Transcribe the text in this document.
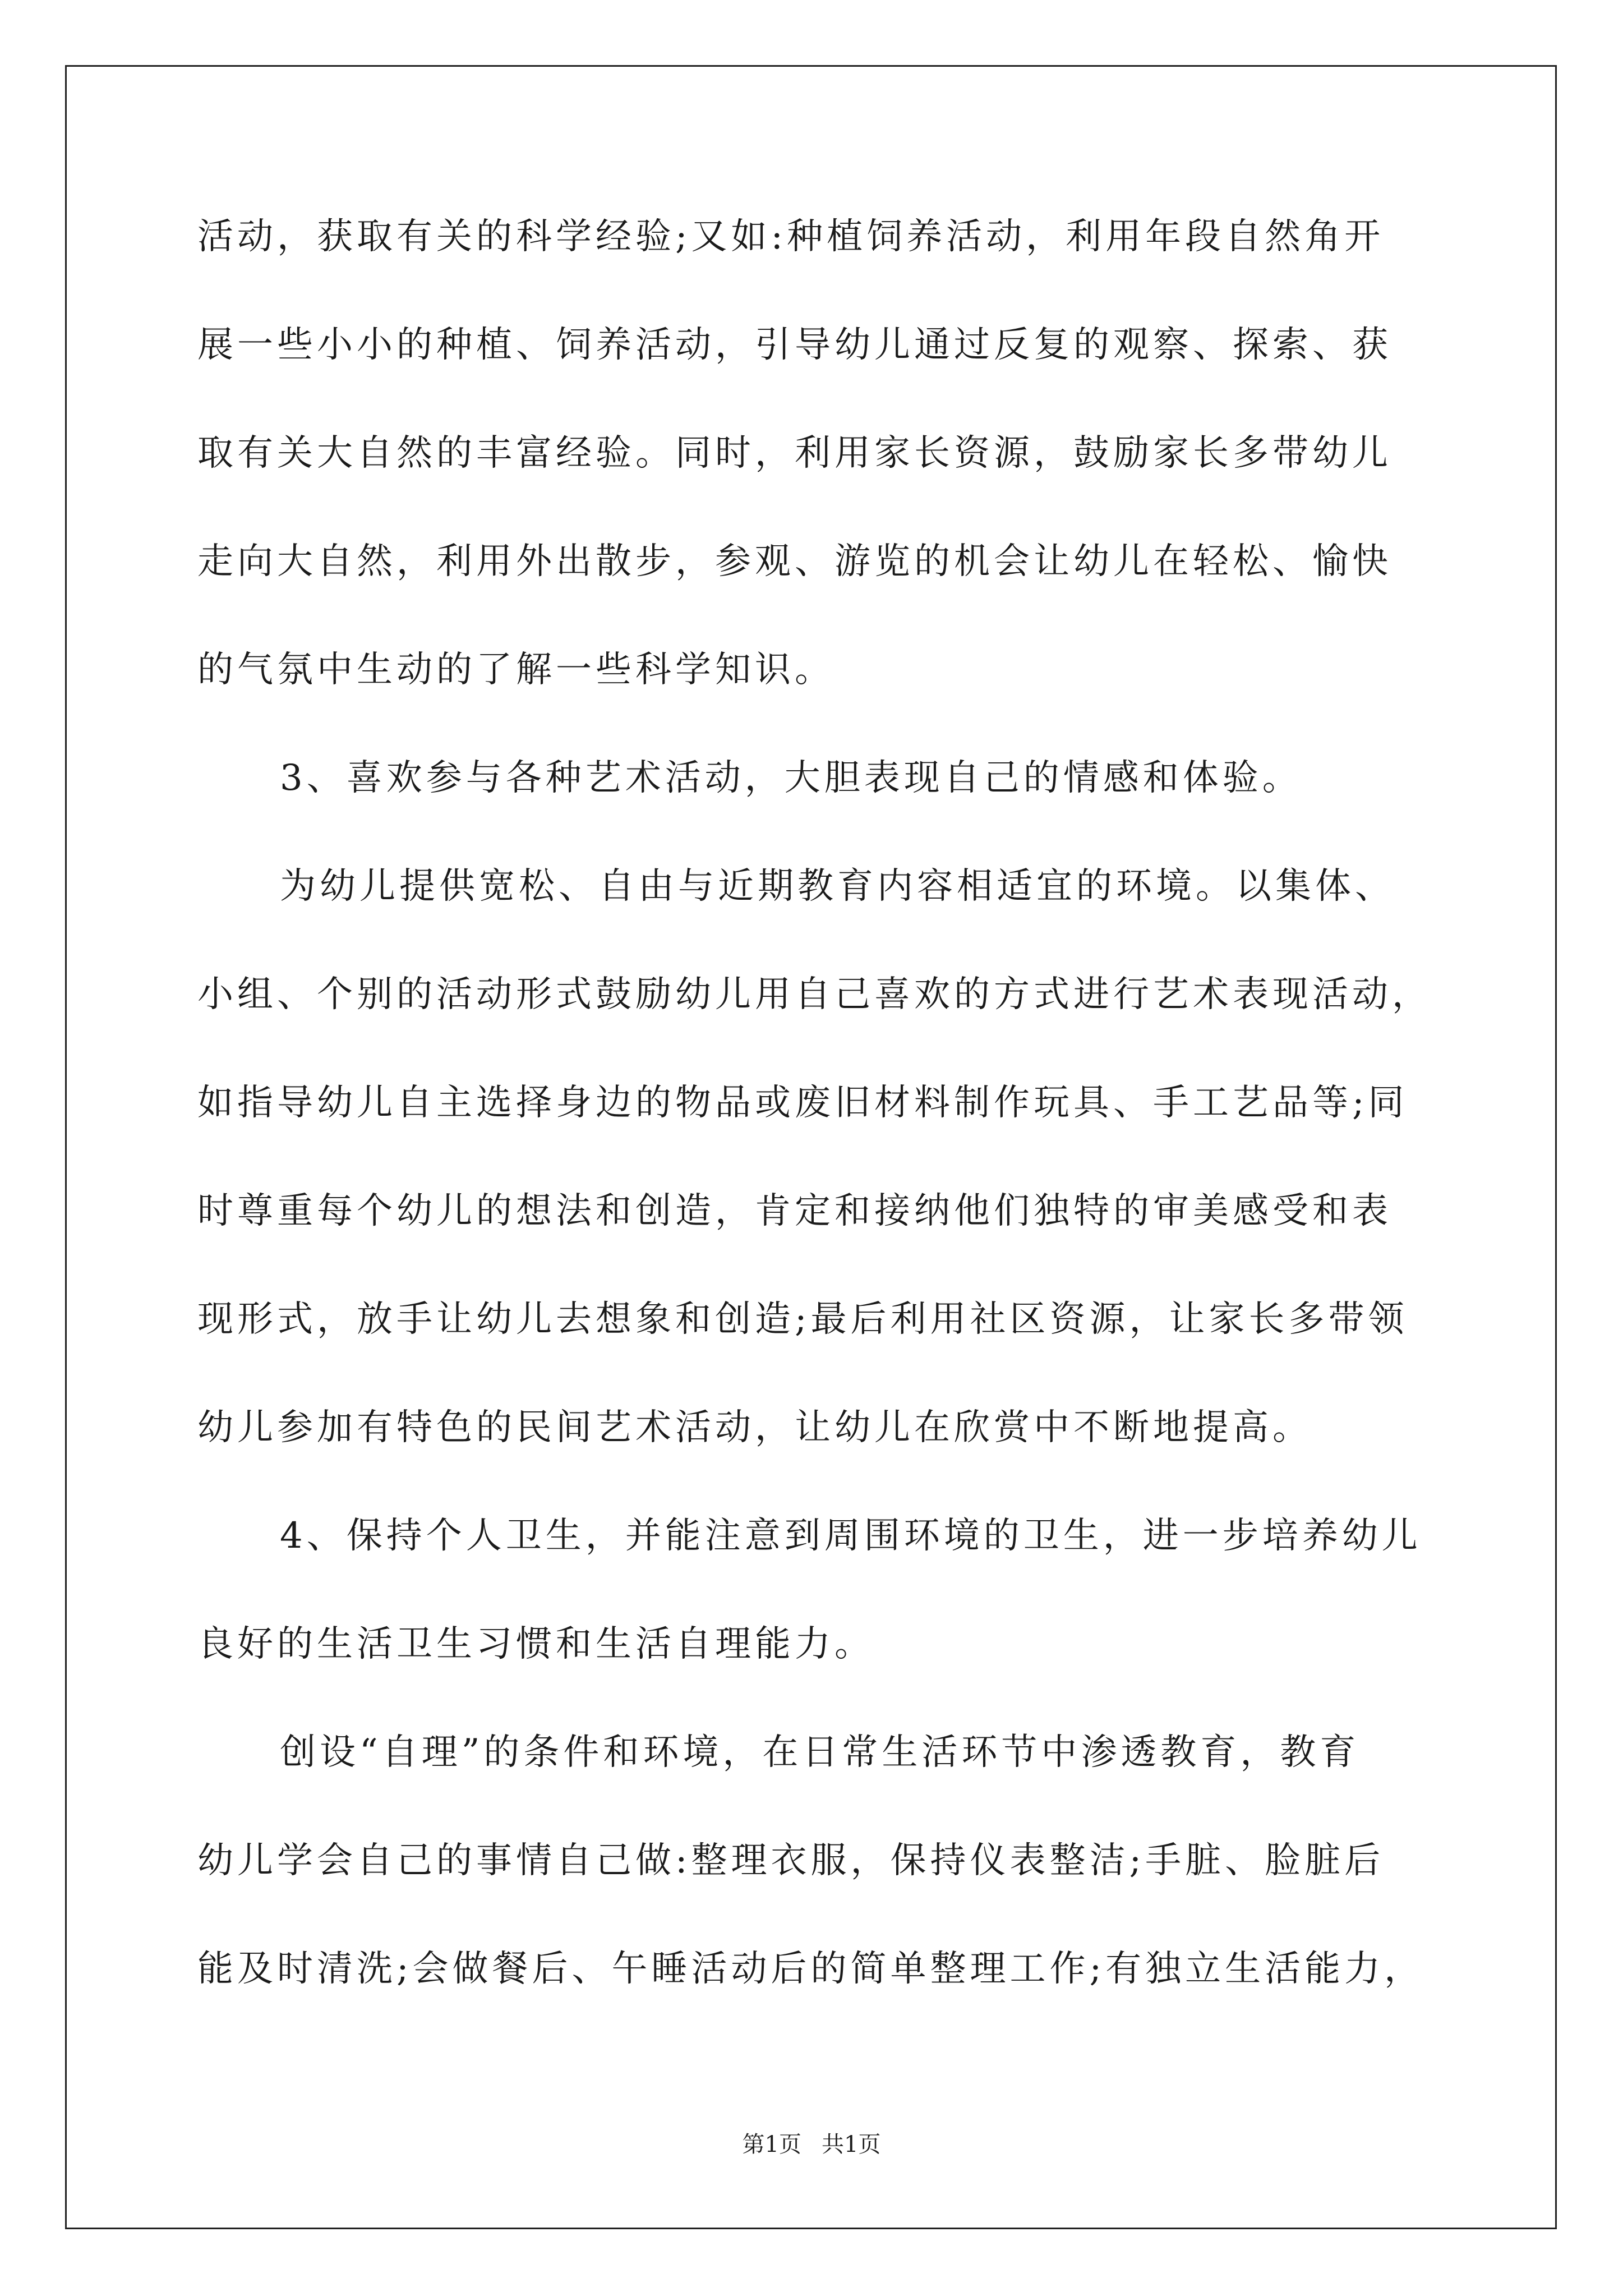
活动，获取有关的科学经验;又如:种植饲养活动，利用年段自然角开
展一些小小的种植、饲养活动，引导幼儿通过反复的观察、探索、获
取有关大自然的丰富经验。同时，利用家长资源，鼓励家长多带幼儿
走向大自然，利用外出散步，参观、游览的机会让幼儿在轻松、愉快
的气氛中生动的了解一些科学知识。
3、喜欢参与各种艺术活动，大胆表现自己的情感和体验。
为幼儿提供宽松、自由与近期教育内容相适宜的环境。以集体、
小组、个别的活动形式鼓励幼儿用自己喜欢的方式进行艺术表现活动，
如指导幼儿自主选择身边的物品或废旧材料制作玩具、手工艺品等;同
时尊重每个幼儿的想法和创造，肯定和接纳他们独特的审美感受和表
现形式，放手让幼儿去想象和创造;最后利用社区资源，让家长多带领
幼儿参加有特色的民间艺术活动，让幼儿在欣赏中不断地提高。
4、保持个人卫生，并能注意到周围环境的卫生，进一步培养幼儿
良好的生活卫生习惯和生活自理能力。
创设“自理”的条件和环境，在日常生活环节中渗透教育，教育
幼儿学会自己的事情自己做:整理衣服，保持仪表整洁;手脏、脸脏后
能及时清洗;会做餐后、午睡活动后的简单整理工作;有独立生活能力，
第1页 共1页
